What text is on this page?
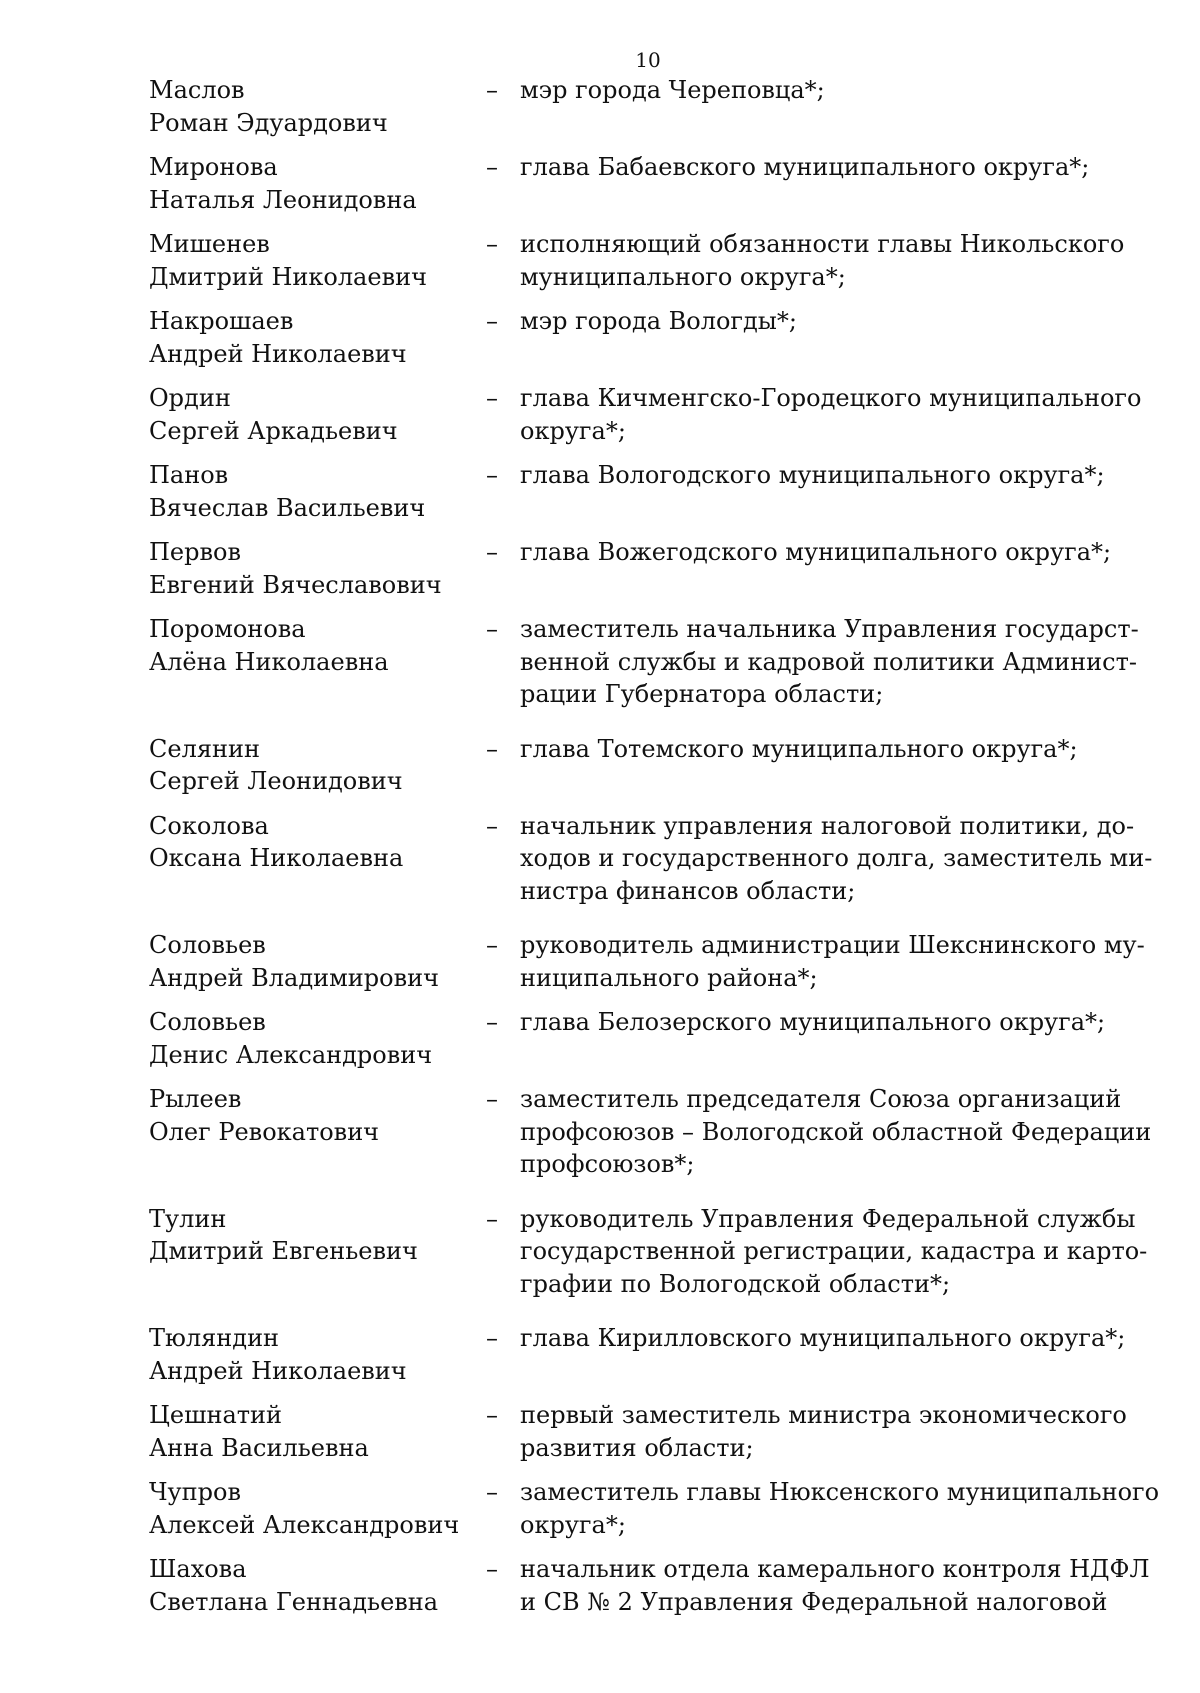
10
Маслов
Роман Эдуардович
– мэр города Череповца*;
Миронова
Наталья Леонидовна
– глава Бабаевского муниципального округа*;
Мишенев
Дмитрий Николаевич
– исполняющий обязанности главы Никольского
муниципального округа*;
Накрошаев
Андрей Николаевич
– мэр города Вологды*;
Ордин
Сергей Аркадьевич
– глава Кичменгско-Городецкого муниципального
округа*;
Панов
Вячеслав Васильевич
– глава Вологодского муниципального округа*;
Первов
Евгений Вячеславович
– глава Вожегодского муниципального округа*;
Поромонова
Алёна Николаевна
– заместитель начальника Управления государст-
венной службы и кадровой политики Админист-
рации Губернатора области;
Селянин
Сергей Леонидович
– глава Тотемского муниципального округа*;
Соколова
Оксана Николаевна
– начальник управления налоговой политики, до-
ходов и государственного долга, заместитель ми-
нистра финансов области;
Соловьев
Андрей Владимирович
– руководитель администрации Шекснинского му-
ниципального района*;
Соловьев
Денис Александрович
– глава Белозерского муниципального округа*;
Рылеев
Олег Ревокатович
– заместитель председателя Союза организаций
профсоюзов – Вологодской областной Федерации
профсоюзов*;
Тулин
Дмитрий Евгеньевич
– руководитель Управления Федеральной службы
государственной регистрации, кадастра и карто-
графии по Вологодской области*;
Тюляндин
Андрей Николаевич
– глава Кирилловского муниципального округа*;
Цешнатий
Анна Васильевна
– первый заместитель министра экономического
развития области;
Чупров
Алексей Александрович
– заместитель главы Нюксенского муниципального
округа*;
Шахова
Светлана Геннадьевна
– начальник отдела камерального контроля НДФЛ
и СВ № 2 Управления Федеральной налоговой
